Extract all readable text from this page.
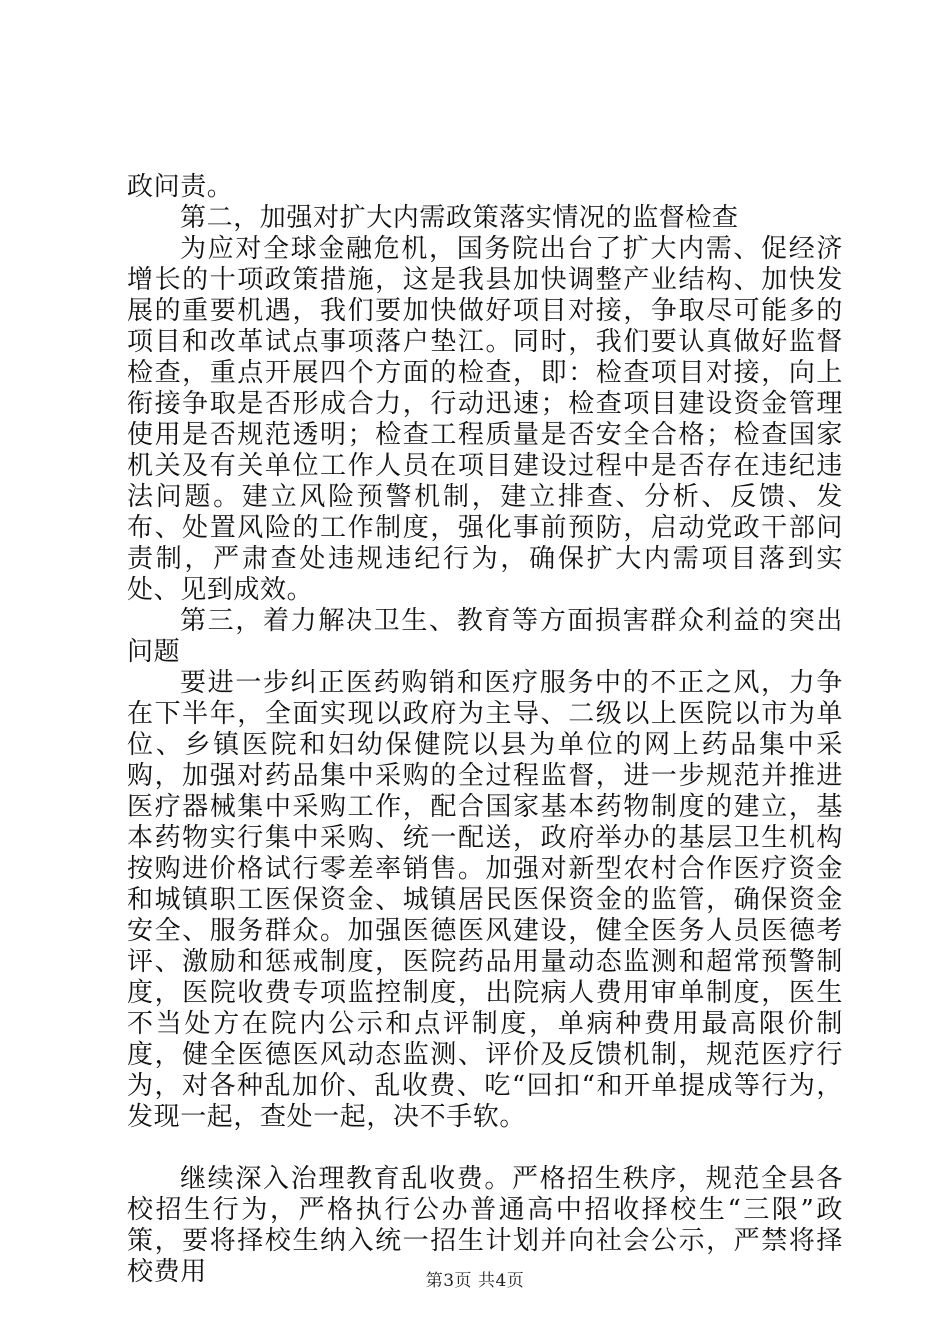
政问责。

第二，加强对扩大内需政策落实情况的监督检查

为应对全球金融危机，国务院出台了扩大内需、促经济增长的十项政策措施，这是我县加快调整产业结构、加快发展的重要机遇，我们要加快做好项目对接，争取尽可能多的项目和改革试点事项落户垫江。同时，我们要认真做好监督检查，重点开展四个方面的检查，即：检查项目对接，向上衔接争取是否形成合力，行动迅速；检查项目建设资金管理使用是否规范透明；检查工程质量是否安全合格；检查国家机关及有关单位工作人员在项目建设过程中是否存在违纪违法问题。建立风险预警机制，建立排查、分析、反馈、发布、处置风险的工作制度，强化事前预防，启动党政干部问责制，严肃查处违规违纪行为，确保扩大内需项目落到实处、见到成效。

第三，着力解决卫生、教育等方面损害群众利益的突出问题

要进一步纠正医药购销和医疗服务中的不正之风，力争在下半年，全面实现以政府为主导、二级以上医院以市为单位、乡镇医院和妇幼保健院以县为单位的网上药品集中采购，加强对药品集中采购的全过程监督，进一步规范并推进医疗器械集中采购工作，配合国家基本药物制度的建立，基本药物实行集中采购、统一配送，政府举办的基层卫生机构按购进价格试行零差率销售。加强对新型农村合作医疗资金和城镇职工医保资金、城镇居民医保资金的监管，确保资金安全、服务群众。加强医德医风建设，健全医务人员医德考评、激励和惩戒制度，医院药品用量动态监测和超常预警制度，医院收费专项监控制度，出院病人费用审单制度，医生不当处方在院内公示和点评制度，单病种费用最高限价制度，健全医德医风动态监测、评价及反馈机制，规范医疗行为，对各种乱加价、乱收费、吃“回扣“和开单提成等行为，发现一起，查处一起，决不手软。

继续深入治理教育乱收费。严格招生秩序，规范全县各校招生行为，严格执行公办普通高中招收择校生“三限”政策，要将择校生纳入统一招生计划并向社会公示，严禁将择校费用	第3页 共4页
